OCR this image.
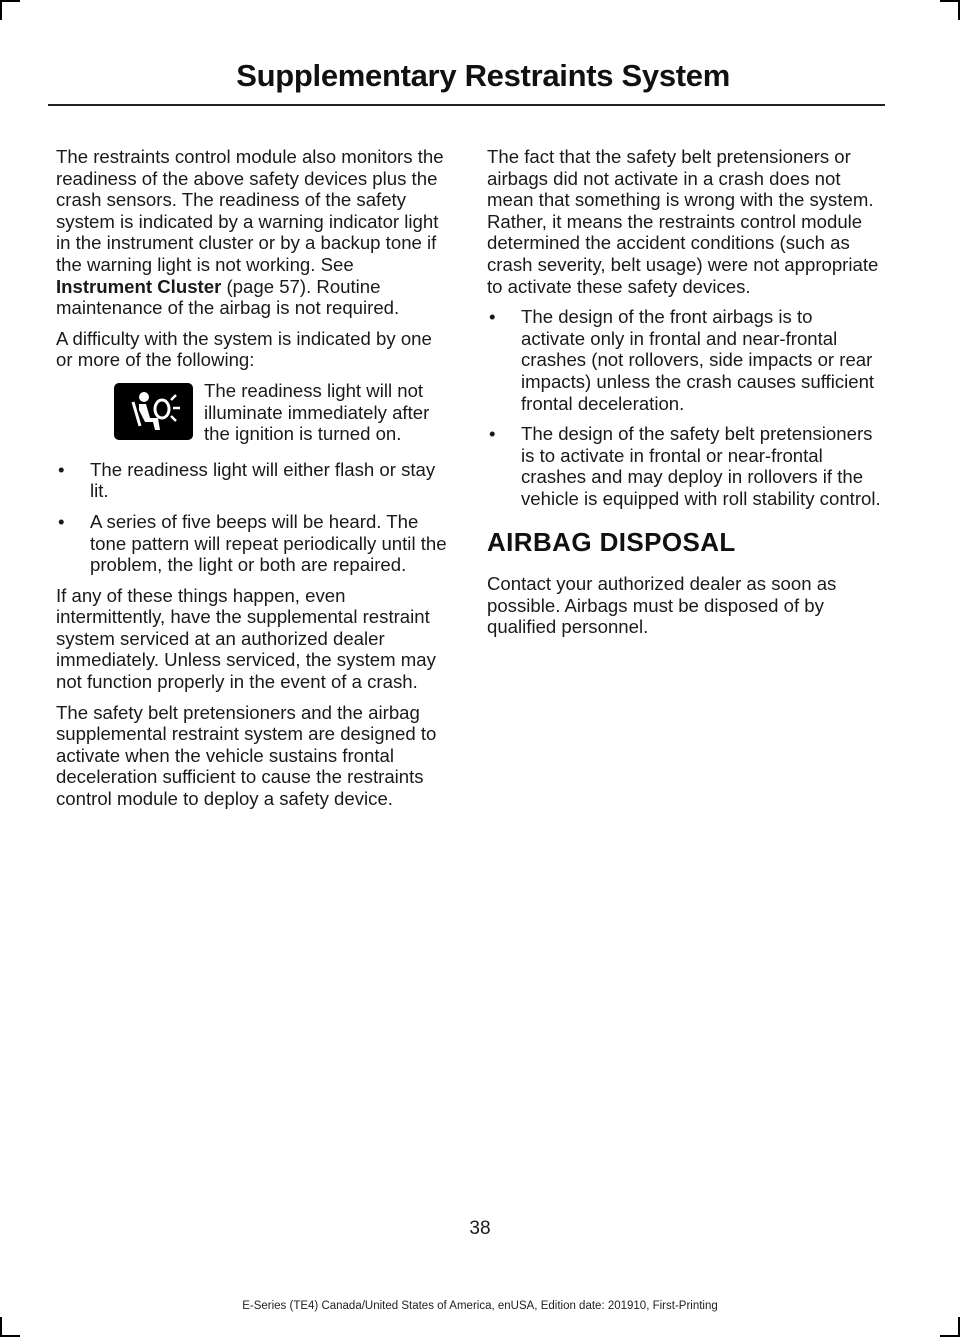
Supplementary Restraints System

The restraints control module also monitors the readiness of the above safety devices plus the crash sensors. The readiness of the safety system is indicated by a warning indicator light in the instrument cluster or by a backup tone if the warning light is not working. See Instrument Cluster (page 57). Routine maintenance of the airbag is not required.

A difficulty with the system is indicated by one or more of the following:

The readiness light will not illuminate immediately after the ignition is turned on.
• The readiness light will either flash or stay lit.
• A series of five beeps will be heard. The tone pattern will repeat periodically until the problem, the light or both are repaired.

If any of these things happen, even intermittently, have the supplemental restraint system serviced at an authorized dealer immediately. Unless serviced, the system may not function properly in the event of a crash.

The safety belt pretensioners and the airbag supplemental restraint system are designed to activate when the vehicle sustains frontal deceleration sufficient to cause the restraints control module to deploy a safety device.

The fact that the safety belt pretensioners or airbags did not activate in a crash does not mean that something is wrong with the system. Rather, it means the restraints control module determined the accident conditions (such as crash severity, belt usage) were not appropriate to activate these safety devices.

• The design of the front airbags is to activate only in frontal and near-frontal crashes (not rollovers, side impacts or rear impacts) unless the crash causes sufficient frontal deceleration.
• The design of the safety belt pretensioners is to activate in frontal or near-frontal crashes and may deploy in rollovers if the vehicle is equipped with roll stability control.
AIRBAG DISPOSAL

Contact your authorized dealer as soon as possible. Airbags must be disposed of by qualified personnel.

38
E-Series (TE4) Canada/United States of America, enUSA, Edition date: 201910, First-Printing
